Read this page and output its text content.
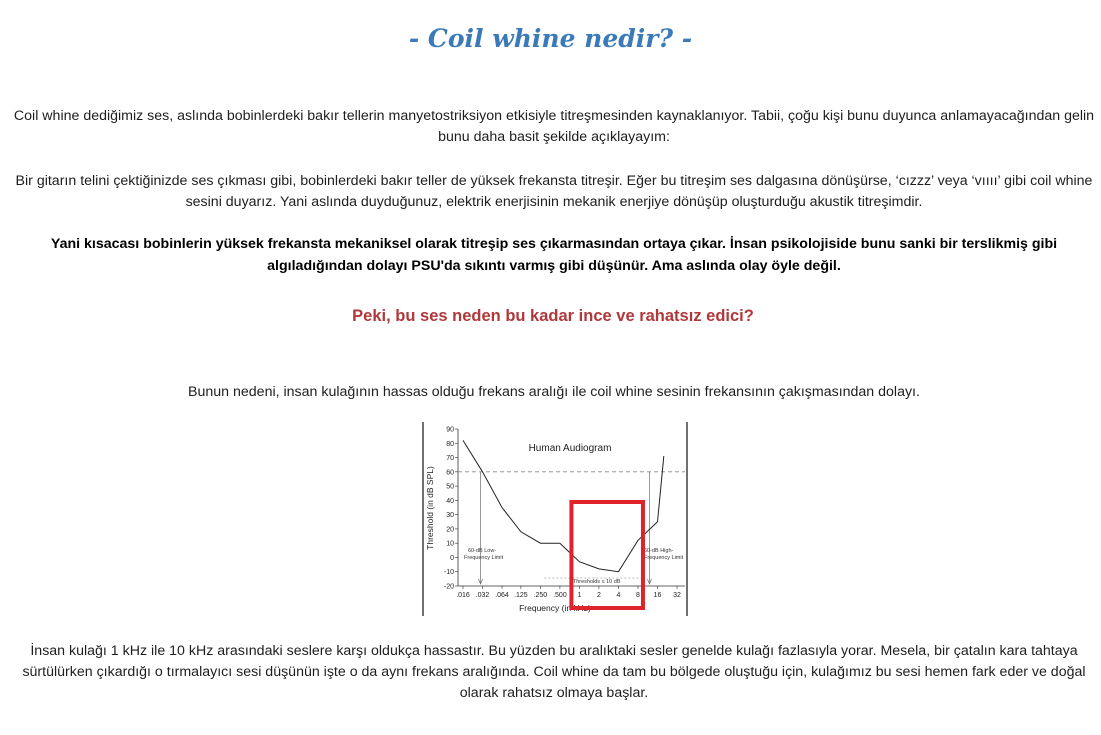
- Coil whine nedir? -

Coil whine dediğimiz ses, aslında bobinlerdeki bakır tellerin manyetostriksiyon etkisiyle titreşmesinden kaynaklanıyor. Tabii, çoğu kişi bunu duyunca anlamayacağından gelin bunu daha basit şekilde açıklayayım:

Bir gitarın telini çektiğinizde ses çıkması gibi, bobinlerdeki bakır teller de yüksek frekansta titreşir. Eğer bu titreşim ses dalgasına dönüşürse, ‘cızzz’ veya ‘vıııı’ gibi coil whine sesini duyarız. Yani aslında duyduğunuz, elektrik enerjisinin mekanik enerjiye dönüşüp oluşturduğu akustik titreşimdir.

Yani kısacası bobinlerin yüksek frekansta mekaniksel olarak titreşip ses çıkarmasından ortaya çıkar. İnsan psikolojiside bunu sanki bir terslikmiş gibi algıladığından dolayı PSU'da sıkıntı varmış gibi düşünür. Ama aslında olay öyle değil.

Peki, bu ses neden bu kadar ince ve rahatsız edici?

Bunun nedeni, insan kulağının hassas olduğu frekans aralığı ile coil whine sesinin frekansının çakışmasından dolayı.

90
80
70
60
50
40
30
20
10
0
-10
-20
.016 .032 .064 .125 .250 .500 1 2 4 8 16 32
Frequency (in kHz)
Threshold (in dB SPL)
Human Audiogram
60-dB Low-
Frequency Limit
60-dB High-
Frequency Limit
Thresholds ≤ 10 dB

İnsan kulağı 1 kHz ile 10 kHz arasındaki seslere karşı oldukça hassastır. Bu yüzden bu aralıktaki sesler genelde kulağı fazlasıyla yorar. Mesela, bir çatalın kara tahtaya sürtülürken çıkardığı o tırmalayıcı sesi düşünün işte o da aynı frekans aralığında. Coil whine da tam bu bölgede oluştuğu için, kulağımız bu sesi hemen fark eder ve doğal olarak rahatsız olmaya başlar.
